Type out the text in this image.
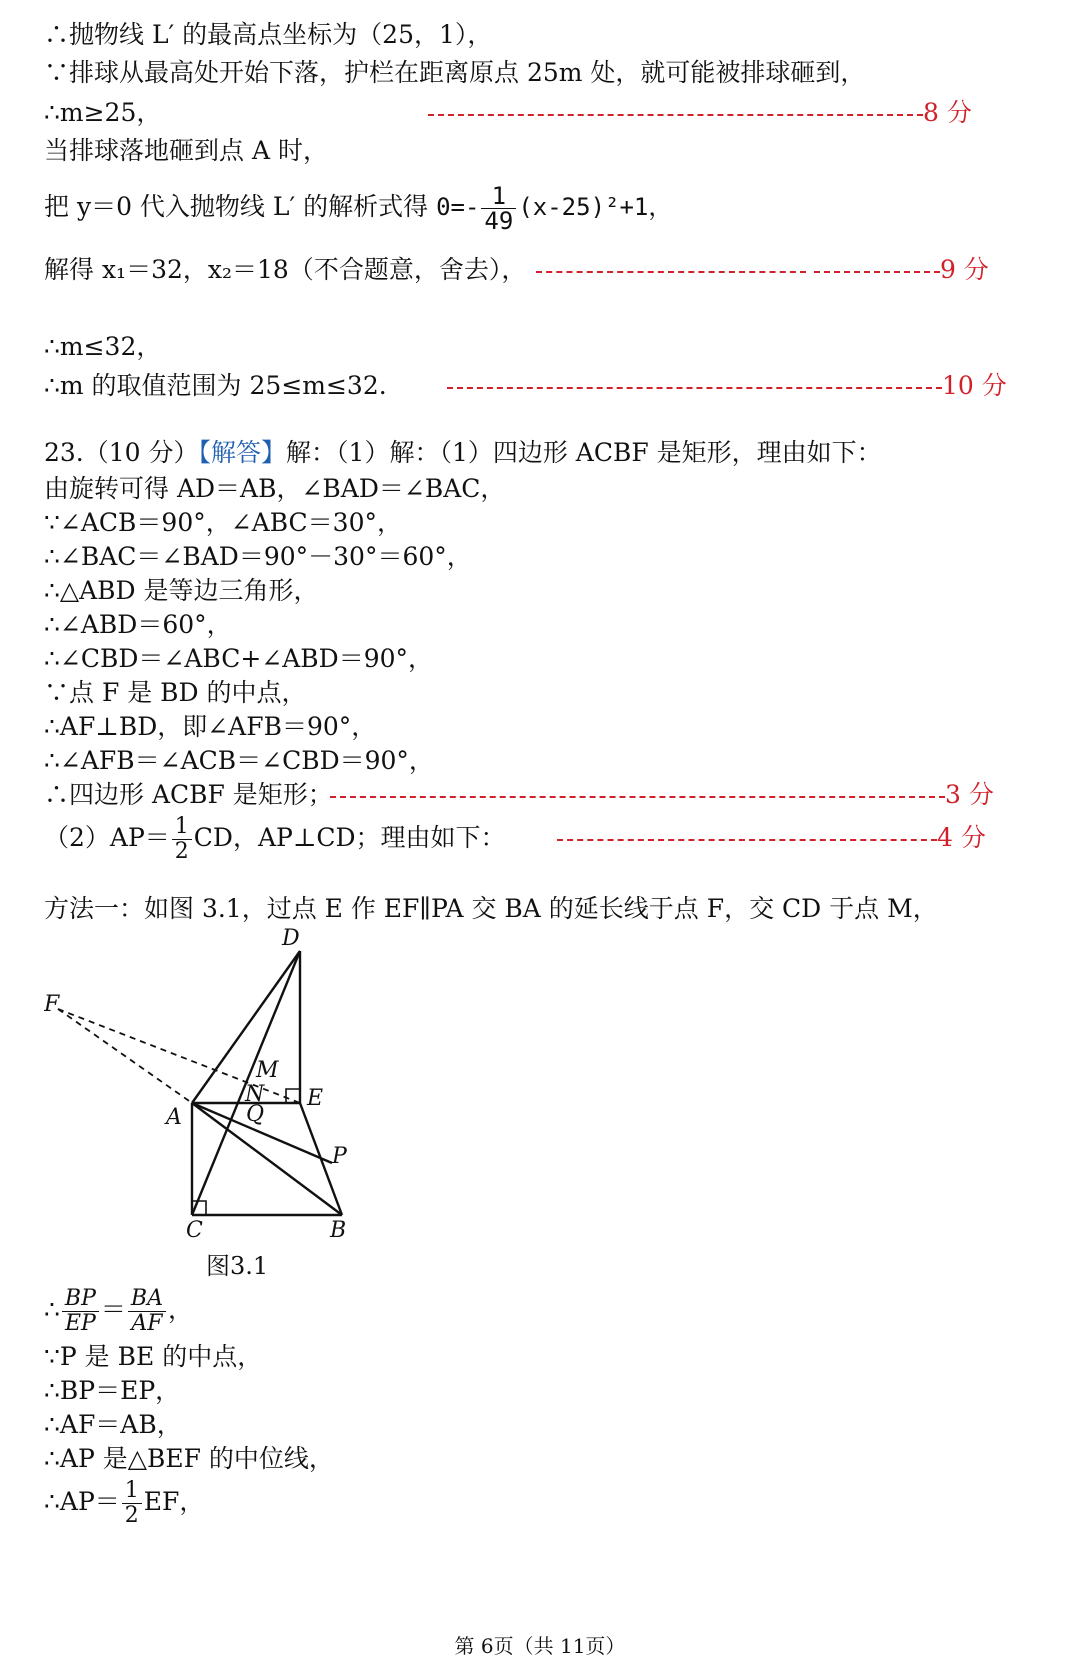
∴抛物线 L′ 的最高点坐标为（25，1），
∵排球从最高处开始下落，护栏在距离原点 25m 处，就可能被排球砸到，
∴m≥25，	8 分
当排球落地砸到点 A 时，
把 y＝0 代入抛物线 L′ 的解析式得 $0=- \frac{1}{49} (x-25)^2+1$，
解得 x₁＝32，x₂＝18（不合题意，舍去），	9 分
∴m≤32，
∴m 的取值范围为 25≤m≤32.	10 分
23.（10 分）【解答】解：（1）解：（1）四边形 ACBF 是矩形，理由如下：
由旋转可得 AD＝AB，∠BAD＝∠BAC，
∵∠ACB＝90°，∠ABC＝30°，
∴∠BAC＝∠BAD＝90°－30°＝60°，
∴△ABD 是等边三角形，
∴∠ABD＝60°，
∴∠CBD＝∠ABC+∠ABD＝90°，
∵点 F 是 BD 的中点，
∴AF⊥BD，即∠AFB＝90°，
∴∠AFB＝∠ACB＝∠CBD＝90°，
∴四边形 ACBF 是矩形；	3 分
$(2)AP= \frac{1}{2}$ CD，AP⊥CD；理由如下：	4 分
方法一：如图 3.1，过点 E 作 EF∥PA 交 BA 的延长线于点 F，交 CD 于点 M，
D
F
M
N E
A	Q
P
C	B
图3.1
∴ $\frac{BP}{EP} = \frac{BA}{AF}$ ，
∵P 是 BE 的中点，
∴BP＝EP，
∴AF＝AB，
∴AP 是△BEF 的中位线，
∴AP＝ $\frac{1}{2}$ EF，
第 6页（共 11页）
